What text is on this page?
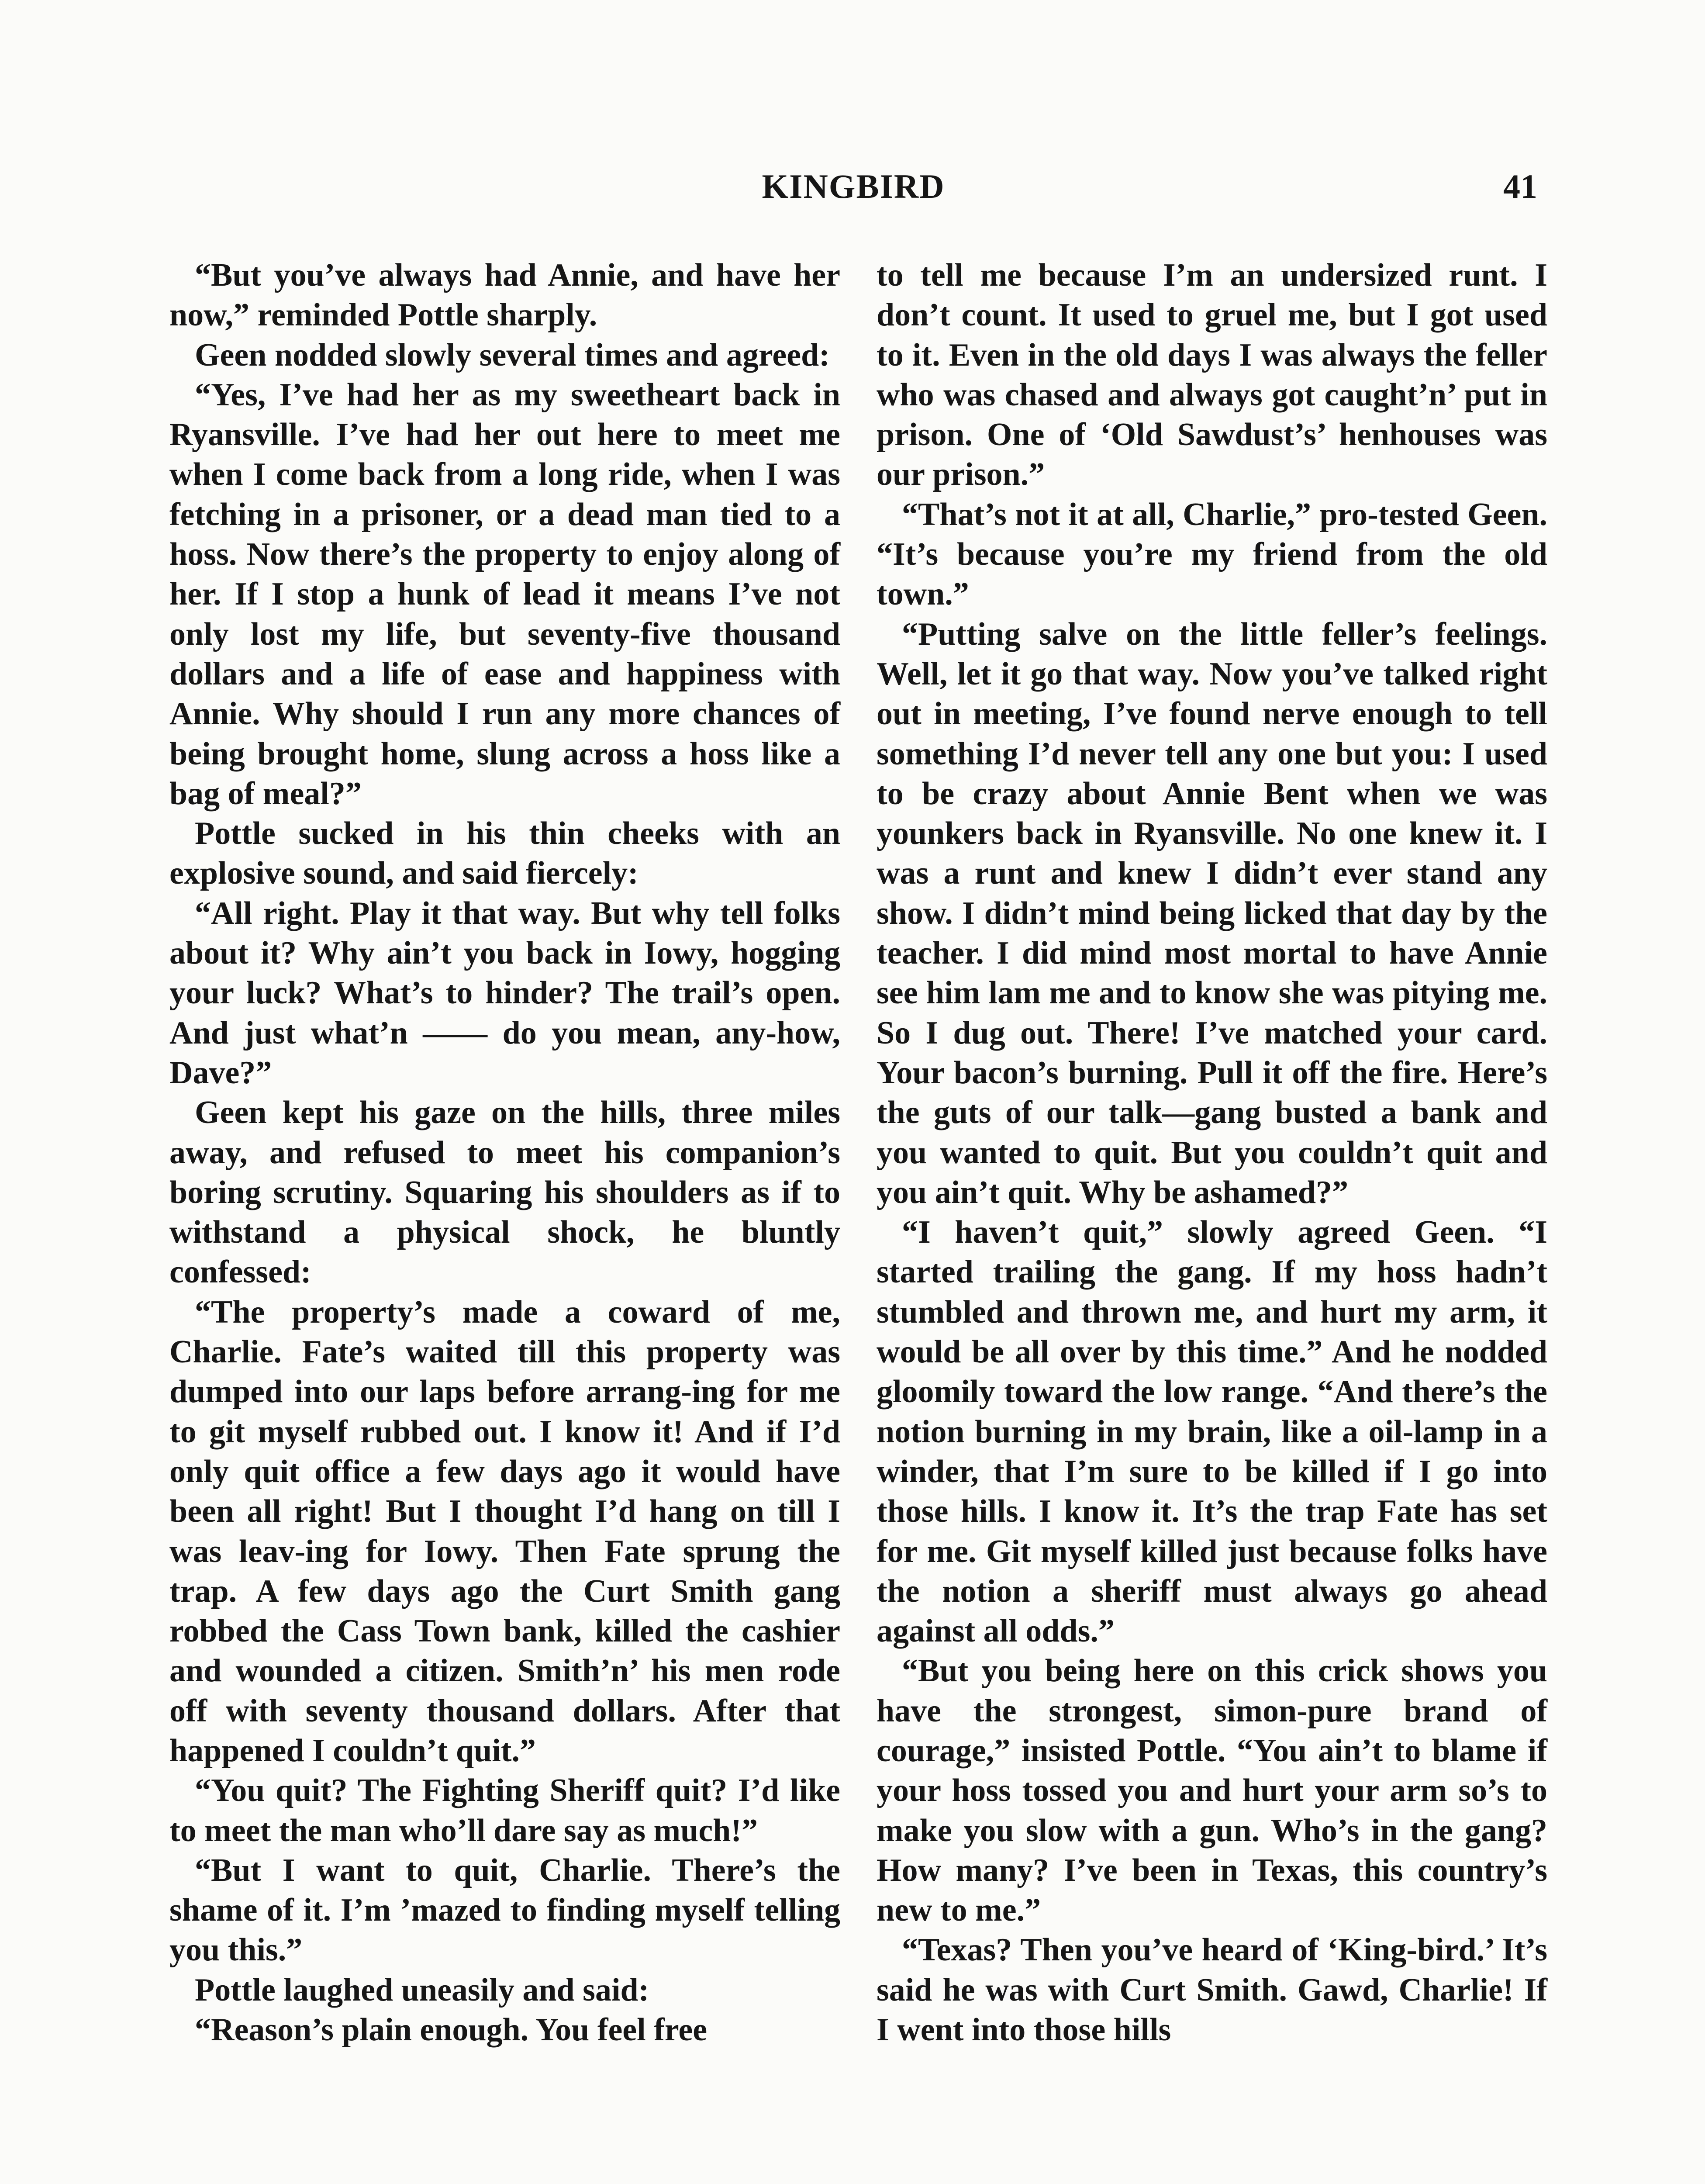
KINGBIRD	41

“But you’ve always had Annie, and have her now,” reminded Pottle sharply.

Geen nodded slowly several times and agreed:

“Yes, I’ve had her as my sweetheart back in Ryansville. I’ve had her out here to meet me when I come back from a long ride, when I was fetching in a prisoner, or a dead man tied to a hoss. Now there’s the property to enjoy along of her. If I stop a hunk of lead it means I’ve not only lost my life, but seventy-five thousand dollars and a life of ease and happiness with Annie. Why should I run any more chances of being brought home, slung across a hoss like a bag of meal?”

Pottle sucked in his thin cheeks with an explosive sound, and said fiercely:

“All right. Play it that way. But why tell folks about it? Why ain’t you back in Iowy, hogging your luck? What’s to hinder? The trail’s open. And just what’n —— do you mean, any-how, Dave?”

Geen kept his gaze on the hills, three miles away, and refused to meet his companion’s boring scrutiny. Squaring his shoulders as if to withstand a physical shock, he bluntly confessed:

“The property’s made a coward of me, Charlie. Fate’s waited till this property was dumped into our laps before arrang-ing for me to git myself rubbed out. I know it! And if I’d only quit office a few days ago it would have been all right! But I thought I’d hang on till I was leav-ing for Iowy. Then Fate sprung the trap. A few days ago the Curt Smith gang robbed the Cass Town bank, killed the cashier and wounded a citizen. Smith’n’ his men rode off with seventy thousand dollars. After that happened I couldn’t quit.”

“You quit? The Fighting Sheriff quit? I’d like to meet the man who’ll dare say as much!”

“But I want to quit, Charlie. There’s the shame of it. I’m ’mazed to finding myself telling you this.”

Pottle laughed uneasily and said:

“Reason’s plain enough. You feel free

to tell me because I’m an undersized runt. I don’t count. It used to gruel me, but I got used to it. Even in the old days I was always the feller who was chased and always got caught’n’ put in prison. One of ‘Old Sawdust’s’ henhouses was our prison.”

“That’s not it at all, Charlie,” pro-tested Geen. “It’s because you’re my friend from the old town.”

“Putting salve on the little feller’s feelings. Well, let it go that way. Now you’ve talked right out in meeting, I’ve found nerve enough to tell something I’d never tell any one but you: I used to be crazy about Annie Bent when we was younkers back in Ryansville. No one knew it. I was a runt and knew I didn’t ever stand any show. I didn’t mind being licked that day by the teacher. I did mind most mortal to have Annie see him lam me and to know she was pitying me. So I dug out. There! I’ve matched your card. Your bacon’s burning. Pull it off the fire. Here’s the guts of our talk—gang busted a bank and you wanted to quit. But you couldn’t quit and you ain’t quit. Why be ashamed?”

“I haven’t quit,” slowly agreed Geen. “I started trailing the gang. If my hoss hadn’t stumbled and thrown me, and hurt my arm, it would be all over by this time.” And he nodded gloomily toward the low range. “And there’s the notion burning in my brain, like a oil-lamp in a winder, that I’m sure to be killed if I go into those hills. I know it. It’s the trap Fate has set for me. Git myself killed just because folks have the notion a sheriff must always go ahead against all odds.”

“But you being here on this crick shows you have the strongest, simon-pure brand of courage,” insisted Pottle. “You ain’t to blame if your hoss tossed you and hurt your arm so’s to make you slow with a gun. Who’s in the gang? How many? I’ve been in Texas, this country’s new to me.”

“Texas? Then you’ve heard of ‘King-bird.’ It’s said he was with Curt Smith. Gawd, Charlie! If I went into those hills
